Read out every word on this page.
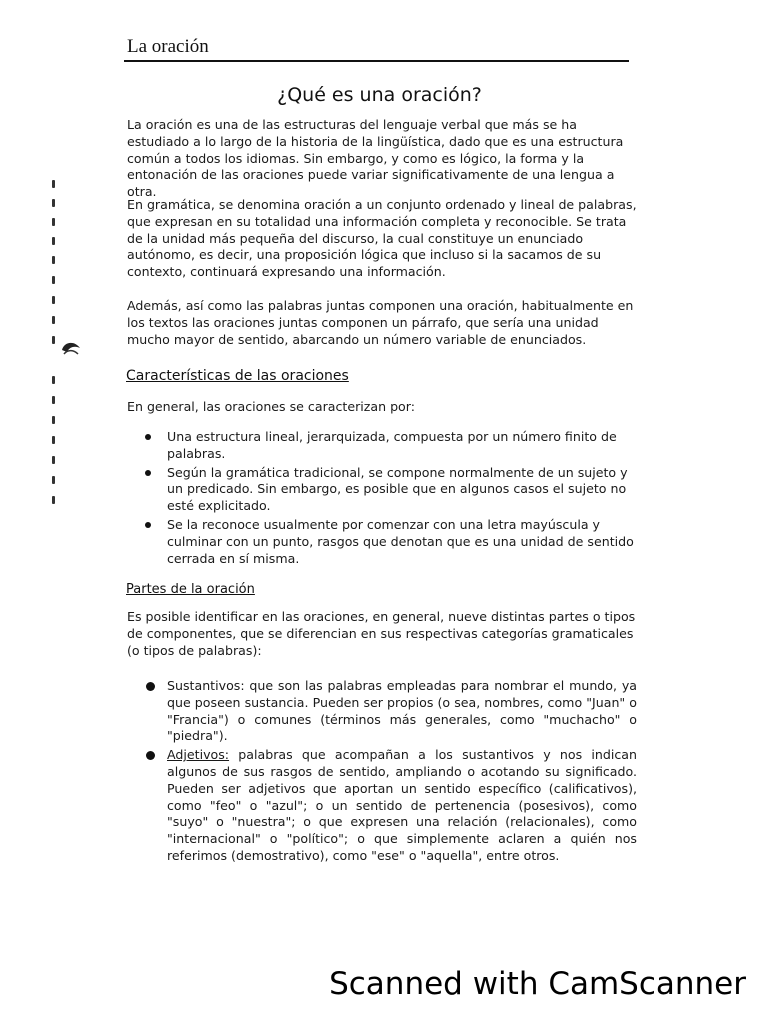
La oración
¿Qué es una oración?

La oración es una de las estructuras del lenguaje verbal que más se ha estudiado a lo largo de la historia de la lingüística, dado que es una estructura común a todos los idiomas. Sin embargo, y como es lógico, la forma y la entonación de las oraciones puede variar significativamente de una lengua a otra.

En gramática, se denomina oración a un conjunto ordenado y lineal de palabras, que expresan en su totalidad una información completa y reconocible. Se trata de la unidad más pequeña del discurso, la cual constituye un enunciado autónomo, es decir, una proposición lógica que incluso si la sacamos de su contexto, continuará expresando una información.

Además, así como las palabras juntas componen una oración, habitualmente en los textos las oraciones juntas componen un párrafo, que sería una unidad mucho mayor de sentido, abarcando un número variable de enunciados.

Características de las oraciones

En general, las oraciones se caracterizan por:

Una estructura lineal, jerarquizada, compuesta por un número finito de palabras.
Según la gramática tradicional, se compone normalmente de un sujeto y un predicado. Sin embargo, es posible que en algunos casos el sujeto no esté explicitado.
Se la reconoce usualmente por comenzar con una letra mayúscula y culminar con un punto, rasgos que denotan que es una unidad de sentido cerrada en sí misma.
Partes de la oración

Es posible identificar en las oraciones, en general, nueve distintas partes o tipos de componentes, que se diferencian en sus respectivas categorías gramaticales (o tipos de palabras):

Sustantivos: que son las palabras empleadas para nombrar el mundo, ya que poseen sustancia. Pueden ser propios (o sea, nombres, como "Juan" o "Francia") o comunes (términos más generales, como "muchacho" o "piedra").
Adjetivos: palabras que acompañan a los sustantivos y nos indican algunos de sus rasgos de sentido, ampliando o acotando su significado. Pueden ser adjetivos que aportan un sentido específico (calificativos), como "feo" o "azul"; o un sentido de pertenencia (posesivos), como "suyo" o "nuestra"; o que expresen una relación (relacionales), como "internacional" o "político"; o que simplemente aclaren a quién nos referimos (demostrativo), como "ese" o "aquella", entre otros.
Scanned with CamScanner
